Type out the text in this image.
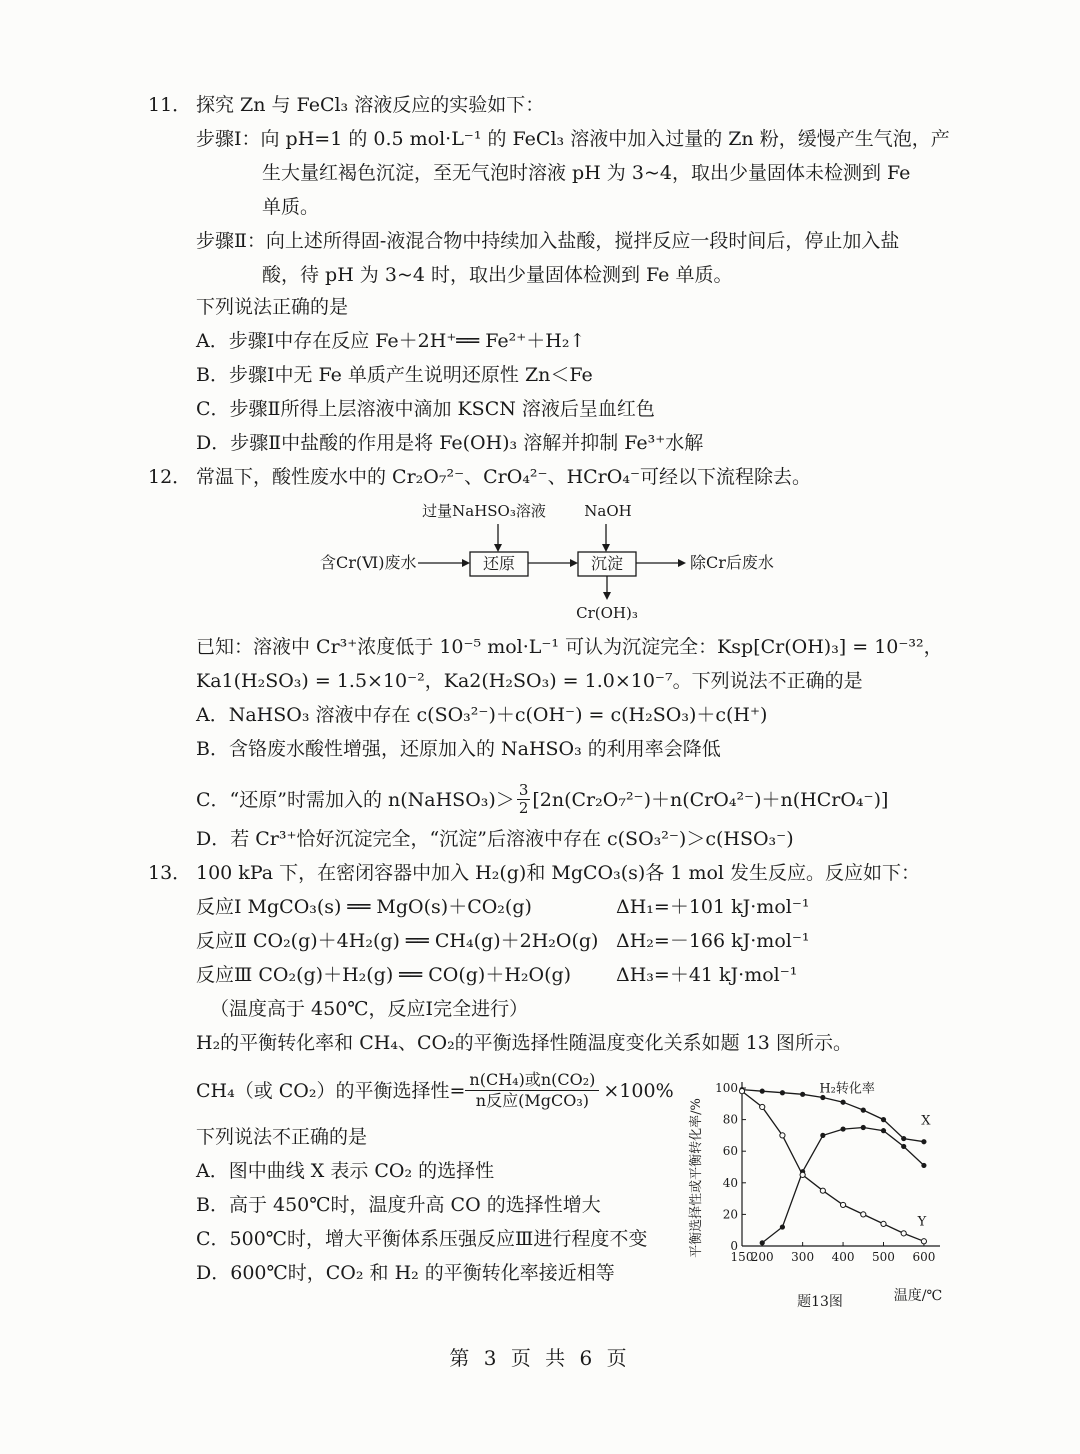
11． 探究 Zn 与 FeCl₃ 溶液反应的实验如下：
步骤Ⅰ：向 pH=1 的 0.5 mol·L⁻¹ 的 FeCl₃ 溶液中加入过量的 Zn 粉，缓慢产生气泡，产
生大量红褐色沉淀，至无气泡时溶液 pH 为 3~4，取出少量固体未检测到 Fe
单质。
步骤Ⅱ：向上述所得固-液混合物中持续加入盐酸，搅拌反应一段时间后，停止加入盐
酸，待 pH 为 3~4 时，取出少量固体检测到 Fe 单质。
下列说法正确的是
A．步骤Ⅰ中存在反应 Fe＋2H⁺══ Fe²⁺＋H₂↑
B．步骤Ⅰ中无 Fe 单质产生说明还原性 Zn＜Fe
C．步骤Ⅱ所得上层溶液中滴加 KSCN 溶液后呈血红色
D．步骤Ⅱ中盐酸的作用是将 Fe(OH)₃ 溶解并抑制 Fe³⁺水解
12． 常温下，酸性废水中的 Cr₂O₇²⁻、CrO₄²⁻、HCrO₄⁻可经以下流程除去。
过量NaHSO₃溶液	NaOH
含Cr(Ⅵ)废水	还原	沉淀	除Cr后废水
Cr(OH)₃
已知：溶液中 Cr³⁺浓度低于 10⁻⁵ mol·L⁻¹ 可认为沉淀完全：Ksp[Cr(OH)₃] = 10⁻³²，
Ka1(H₂SO₃) = 1.5×10⁻²，Ka2(H₂SO₃) = 1.0×10⁻⁷。下列说法不正确的是
A．NaHSO₃ 溶液中存在 c(SO₃²⁻)＋c(OH⁻) = c(H₂SO₃)＋c(H⁺)
B．含铬废水酸性增强，还原加入的 NaHSO₃ 的利用率会降低
C．“还原”时需加入的 n(NaHSO₃)＞ $\frac{3}{2}$ [2n(Cr₂O₇²⁻)＋n(CrO₄²⁻)＋n(HCrO₄⁻)]
D．若 Cr³⁺恰好沉淀完全，“沉淀”后溶液中存在 c(SO₃²⁻)＞c(HSO₃⁻)
13． 100 kPa 下，在密闭容器中加入 H₂(g)和 MgCO₃(s)各 1 mol 发生反应。反应如下：
反应Ⅰ MgCO₃(s) ══ MgO(s)＋CO₂(g)	ΔH₁=＋101 kJ·mol⁻¹
反应Ⅱ CO₂(g)＋4H₂(g) ══ CH₄(g)＋2H₂O(g) ΔH₂=－166 kJ·mol⁻¹
反应Ⅲ CO₂(g)＋H₂(g) ══ CO(g)＋H₂O(g) ΔH₃=＋41 kJ·mol⁻¹
（温度高于 450℃，反应Ⅰ完全进行）
H₂的平衡转化率和 CH₄、CO₂的平衡选择性随温度变化关系如题 13 图所示。
CH₄（或 CO₂）的平衡选择性= n(CH₄)或n(CO₂)
n反应(MgCO₃) ×100%
下列说法不正确的是
A．图中曲线 X 表示 CO₂ 的选择性
B．高于 450℃时，温度升高 CO 的选择性增大
C．500℃时，增大平衡体系压强反应Ⅲ进行程度不变
D．600℃时，CO₂ 和 H₂ 的平衡转化率接近相等
平衡选择性或平衡转化率/%
温度/℃
题13图
0
20
40
60
80
100
150
200 300 400 500 600
H₂转化率
X
Y
第 3 页 共 6 页
